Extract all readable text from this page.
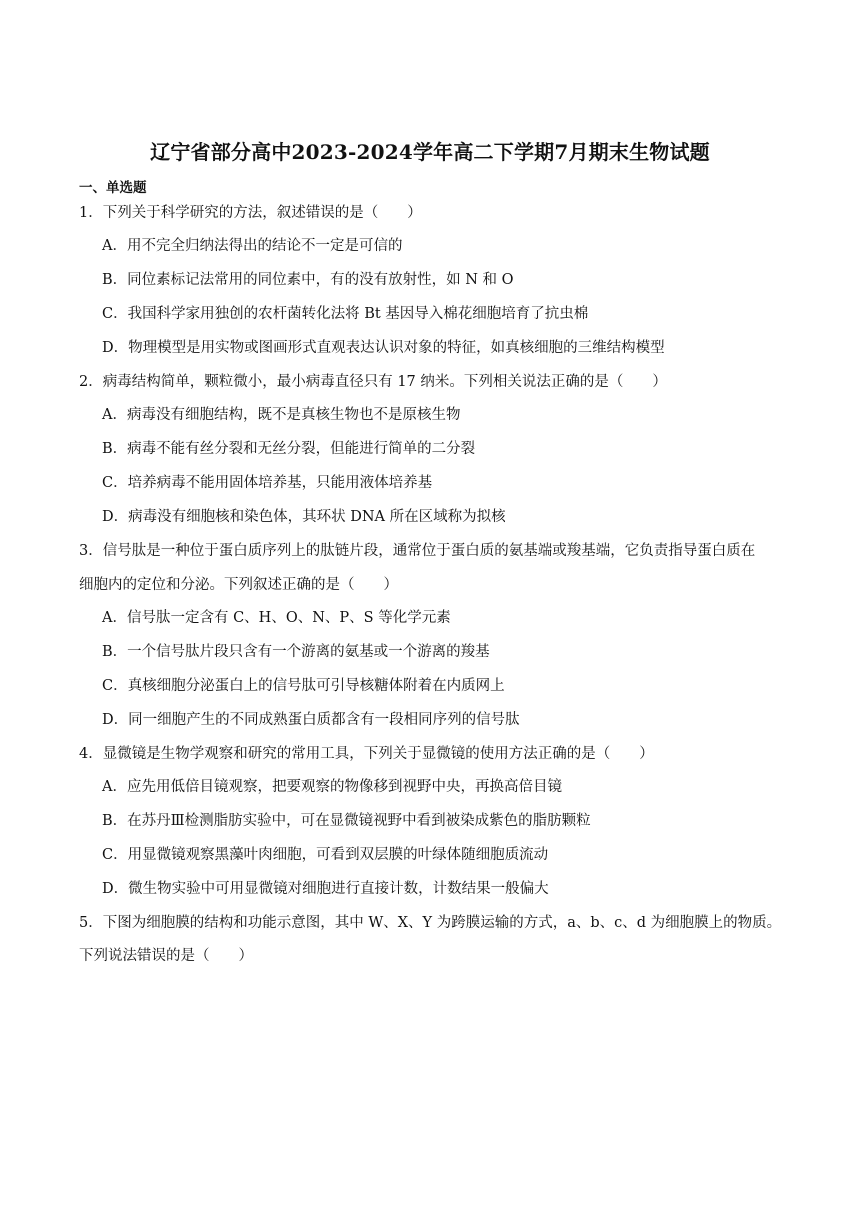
辽宁省部分高中2023-2024学年高二下学期7月期末生物试题
一、单选题
1．下列关于科学研究的方法，叙述错误的是（　　）
A．用不完全归纳法得出的结论不一定是可信的
B．同位素标记法常用的同位素中，有的没有放射性，如 N 和 O
C．我国科学家用独创的农杆菌转化法将 Bt 基因导入棉花细胞培育了抗虫棉
D．物理模型是用实物或图画形式直观表达认识对象的特征，如真核细胞的三维结构模型
2．病毒结构简单，颗粒微小，最小病毒直径只有 17 纳米。下列相关说法正确的是（　　）
A．病毒没有细胞结构，既不是真核生物也不是原核生物
B．病毒不能有丝分裂和无丝分裂，但能进行简单的二分裂
C．培养病毒不能用固体培养基，只能用液体培养基
D．病毒没有细胞核和染色体，其环状 DNA 所在区域称为拟核
3．信号肽是一种位于蛋白质序列上的肽链片段，通常位于蛋白质的氨基端或羧基端，它负责指导蛋白质在
细胞内的定位和分泌。下列叙述正确的是（　　）
A．信号肽一定含有 C、H、O、N、P、S 等化学元素
B．一个信号肽片段只含有一个游离的氨基或一个游离的羧基
C．真核细胞分泌蛋白上的信号肽可引导核糖体附着在内质网上
D．同一细胞产生的不同成熟蛋白质都含有一段相同序列的信号肽
4．显微镜是生物学观察和研究的常用工具，下列关于显微镜的使用方法正确的是（　　）
A．应先用低倍目镜观察，把要观察的物像移到视野中央，再换高倍目镜
B．在苏丹Ⅲ检测脂肪实验中，可在显微镜视野中看到被染成紫色的脂肪颗粒
C．用显微镜观察黑藻叶肉细胞，可看到双层膜的叶绿体随细胞质流动
D．微生物实验中可用显微镜对细胞进行直接计数，计数结果一般偏大
5．下图为细胞膜的结构和功能示意图，其中 W、X、Y 为跨膜运输的方式，a、b、c、d 为细胞膜上的物质。
下列说法错误的是（　　）
